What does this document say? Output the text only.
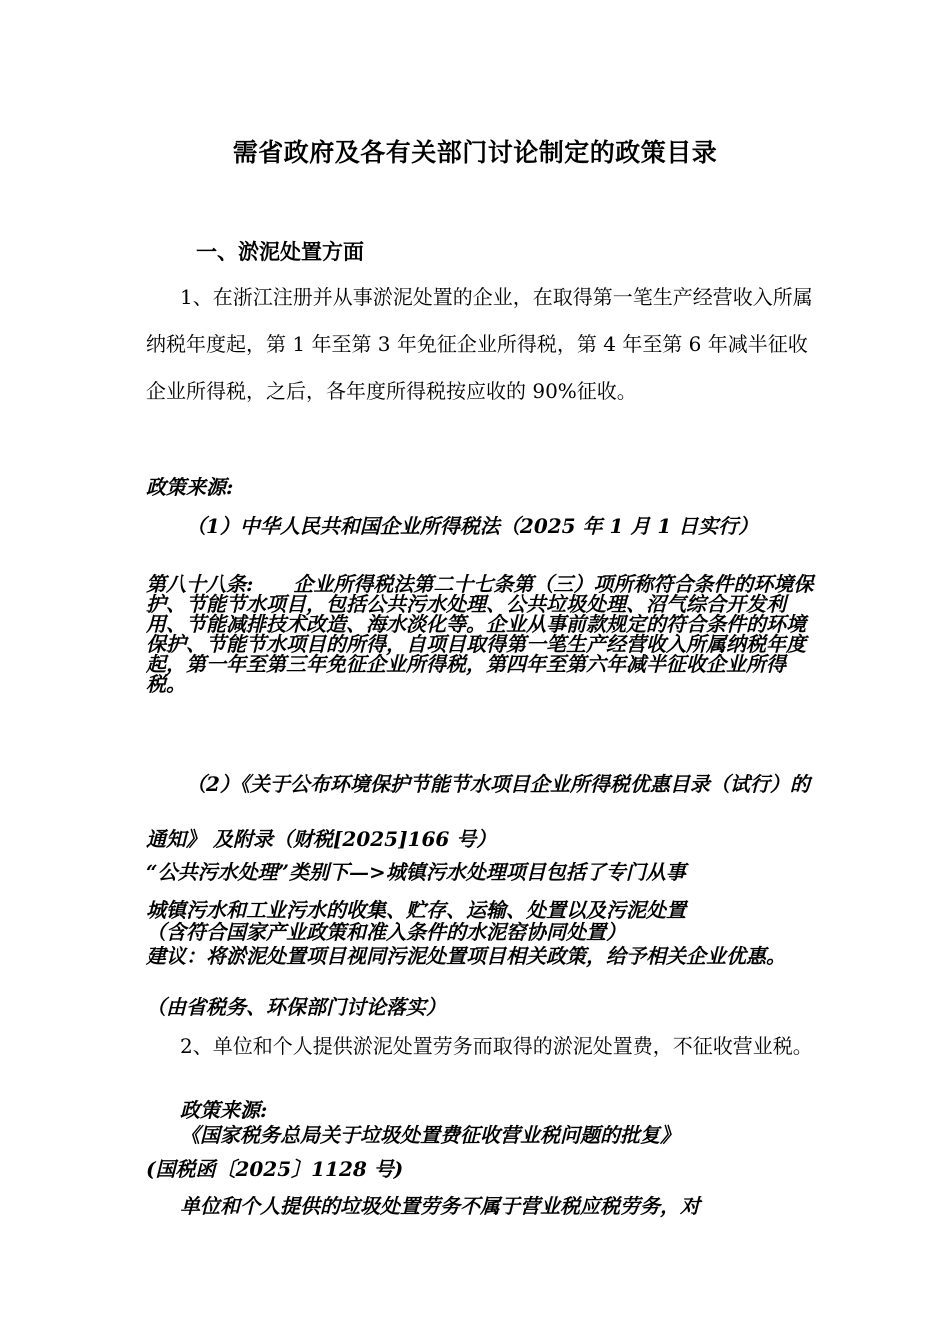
需省政府及各有关部门讨论制定的政策目录
一、淤泥处置方面

1、在浙江注册并从事淤泥处置的企业，在取得第一笔生产经营收入所属纳税年度起，第 1 年至第 3 年免征企业所得税，第 4 年至第 6 年减半征收企业所得税，之后，各年度所得税按应收的 90%征收。

政策来源:

（1）中华人民共和国企业所得税法（2025 年 1 月 1 日实行）

第八十八条:　　企业所得税法第二十七条第（三）项所称符合条件的环境保护、节能节水项目，包括公共污水处理、公共垃圾处理、沼气综合开发利用、节能减排技术改造、海水淡化等。企业从事前款规定的符合条件的环境保护、节能节水项目的所得，自项目取得第一笔生产经营收入所属纳税年度起，第一年至第三年免征企业所得税，第四年至第六年减半征收企业所得税。

（2）《关于公布环境保护节能节水项目企业所得税优惠目录（试行）的通知》 及附录（财税[2025]166 号）

“公共污水处理”类别下—>城镇污水处理项目包括了专门从事

城镇污水和工业污水的收集、贮存、运输、处置以及污泥处置

（含符合国家产业政策和准入条件的水泥窑协同处置）

建议：将淤泥处置项目视同污泥处置项目相关政策，给予相关企业优惠。

（由省税务、环保部门讨论落实）

2、单位和个人提供淤泥处置劳务而取得的淤泥处置费，不征收营业税。

政策来源:

《国家税务总局关于垃圾处置费征收营业税问题的批复》

(国税函〔2025〕1128 号)

单位和个人提供的垃圾处置劳务不属于营业税应税劳务，对
